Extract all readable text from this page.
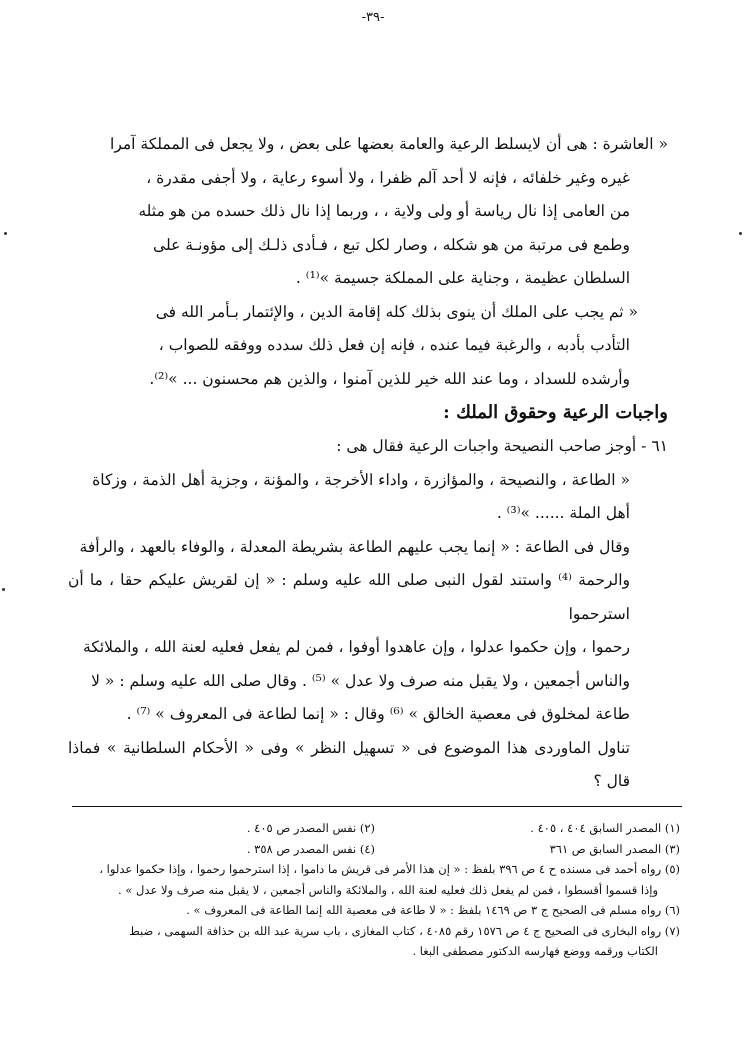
-٣٩-

« العاشرة : هى أن لايسلط الرعية والعامة بعضها على بعض ، ولا يجعل فى المملكة آمرا

غيره وغير خلفائه ، فإنه لا أحد آلم ظفرا ، ولا أسوء رعاية ، ولا أجفى مقدرة ،

من العامى إذا نال رياسة أو ولى ولاية ، ، وربما إذا نال ذلك حسده من هو مثله

وطمع فى مرتبة من هو شكله ، وصار لكل تبع ، فـأدى ذلـك إلى مؤونـة على

السلطان عظيمة ، وجناية على المملكة جسيمة »⁽¹⁾ .

« ثم يجب على الملك أن ينوى بذلك كله إقامة الدين ، والإئتمار بـأمر الله فى

التأدب بأدبه ، والرغبة فيما عنده ، فإنه إن فعل ذلك سدده ووفقه للصواب ،

وأرشده للسداد ، وما عند الله خير للذين آمنوا ، والذين هم محسنون ... »⁽²⁾.

واجبات الرعية وحقوق الملك :

٦١ - أوجز صاحب النصيحة واجبات الرعية فقال هى :

« الطاعة ، والنصيحة ، والمؤازرة ، واداء الأخرجة ، والمؤنة ، وجزية أهل الذمة ، وزكاة

أهل الملة ...... »⁽³⁾ .

وقال فى الطاعة : « إنما يجب عليهم الطاعة بشريطة المعدلة ، والوفاء بالعهد ، والرأفة

والرحمة ⁽⁴⁾ واستند لقول النبى صلى الله عليه وسلم : « إن لقريش عليكم حقا ، ما أن استرحموا

رحموا ، وإن حكموا عدلوا ، وإن عاهدوا أوفوا ، فمن لم يفعل فعليه لعنة الله ، والملائكة

والناس أجمعين ، ولا يقبل منه صرف ولا عدل » ⁽⁵⁾ . وقال صلى الله عليه وسلم : « لا

طاعة لمخلوق فى معصية الخالق » ⁽⁶⁾ وقال : « إنما لطاعة فى المعروف » ⁽⁷⁾ .

تناول الماوردى هذا الموضوع فى « تسهيل النظر » وفى « الأحكام السلطانية » فماذا قال ؟

(١) المصدر السابق ٤٠٤ ، ٤٠٥ .
(٢) نفس المصدر ص ٤٠٥ .
(٣) المصدر السابق ص ٣٦١
(٤) نفس المصدر ص ٣٥٨ .

(٥) رواه أحمد فى مسنده ح ٤ ص ٣٩٦ بلفظ : « إن هذا الأمر فى قريش ما داموا ، إذا استرحموا رحموا ، وإذا حكموا عدلوا ،

وإذا قسموا أقسطوا ، فمن لم يفعل ذلك فعليه لعنة الله ، والملائكة والناس أجمعين ، لا يقبل منه صرف ولا عدل » .

(٦) رواه مسلم فى الصحيح ج ٣ ص ١٤٦٩ بلفظ : « لا طاعة فى معصية الله إنما الطاعة فى المعروف » .

(٧) رواه البخارى فى الصحيح ج ٤ ص ١٥٧٦ رقم ٤٠٨٥ ، كتاب المغازى ، باب سرية عبد الله بن حذافة السهمى ، ضبط

الكتاب ورقمه ووضع فهارسه الدكتور مصطفى البغا .
